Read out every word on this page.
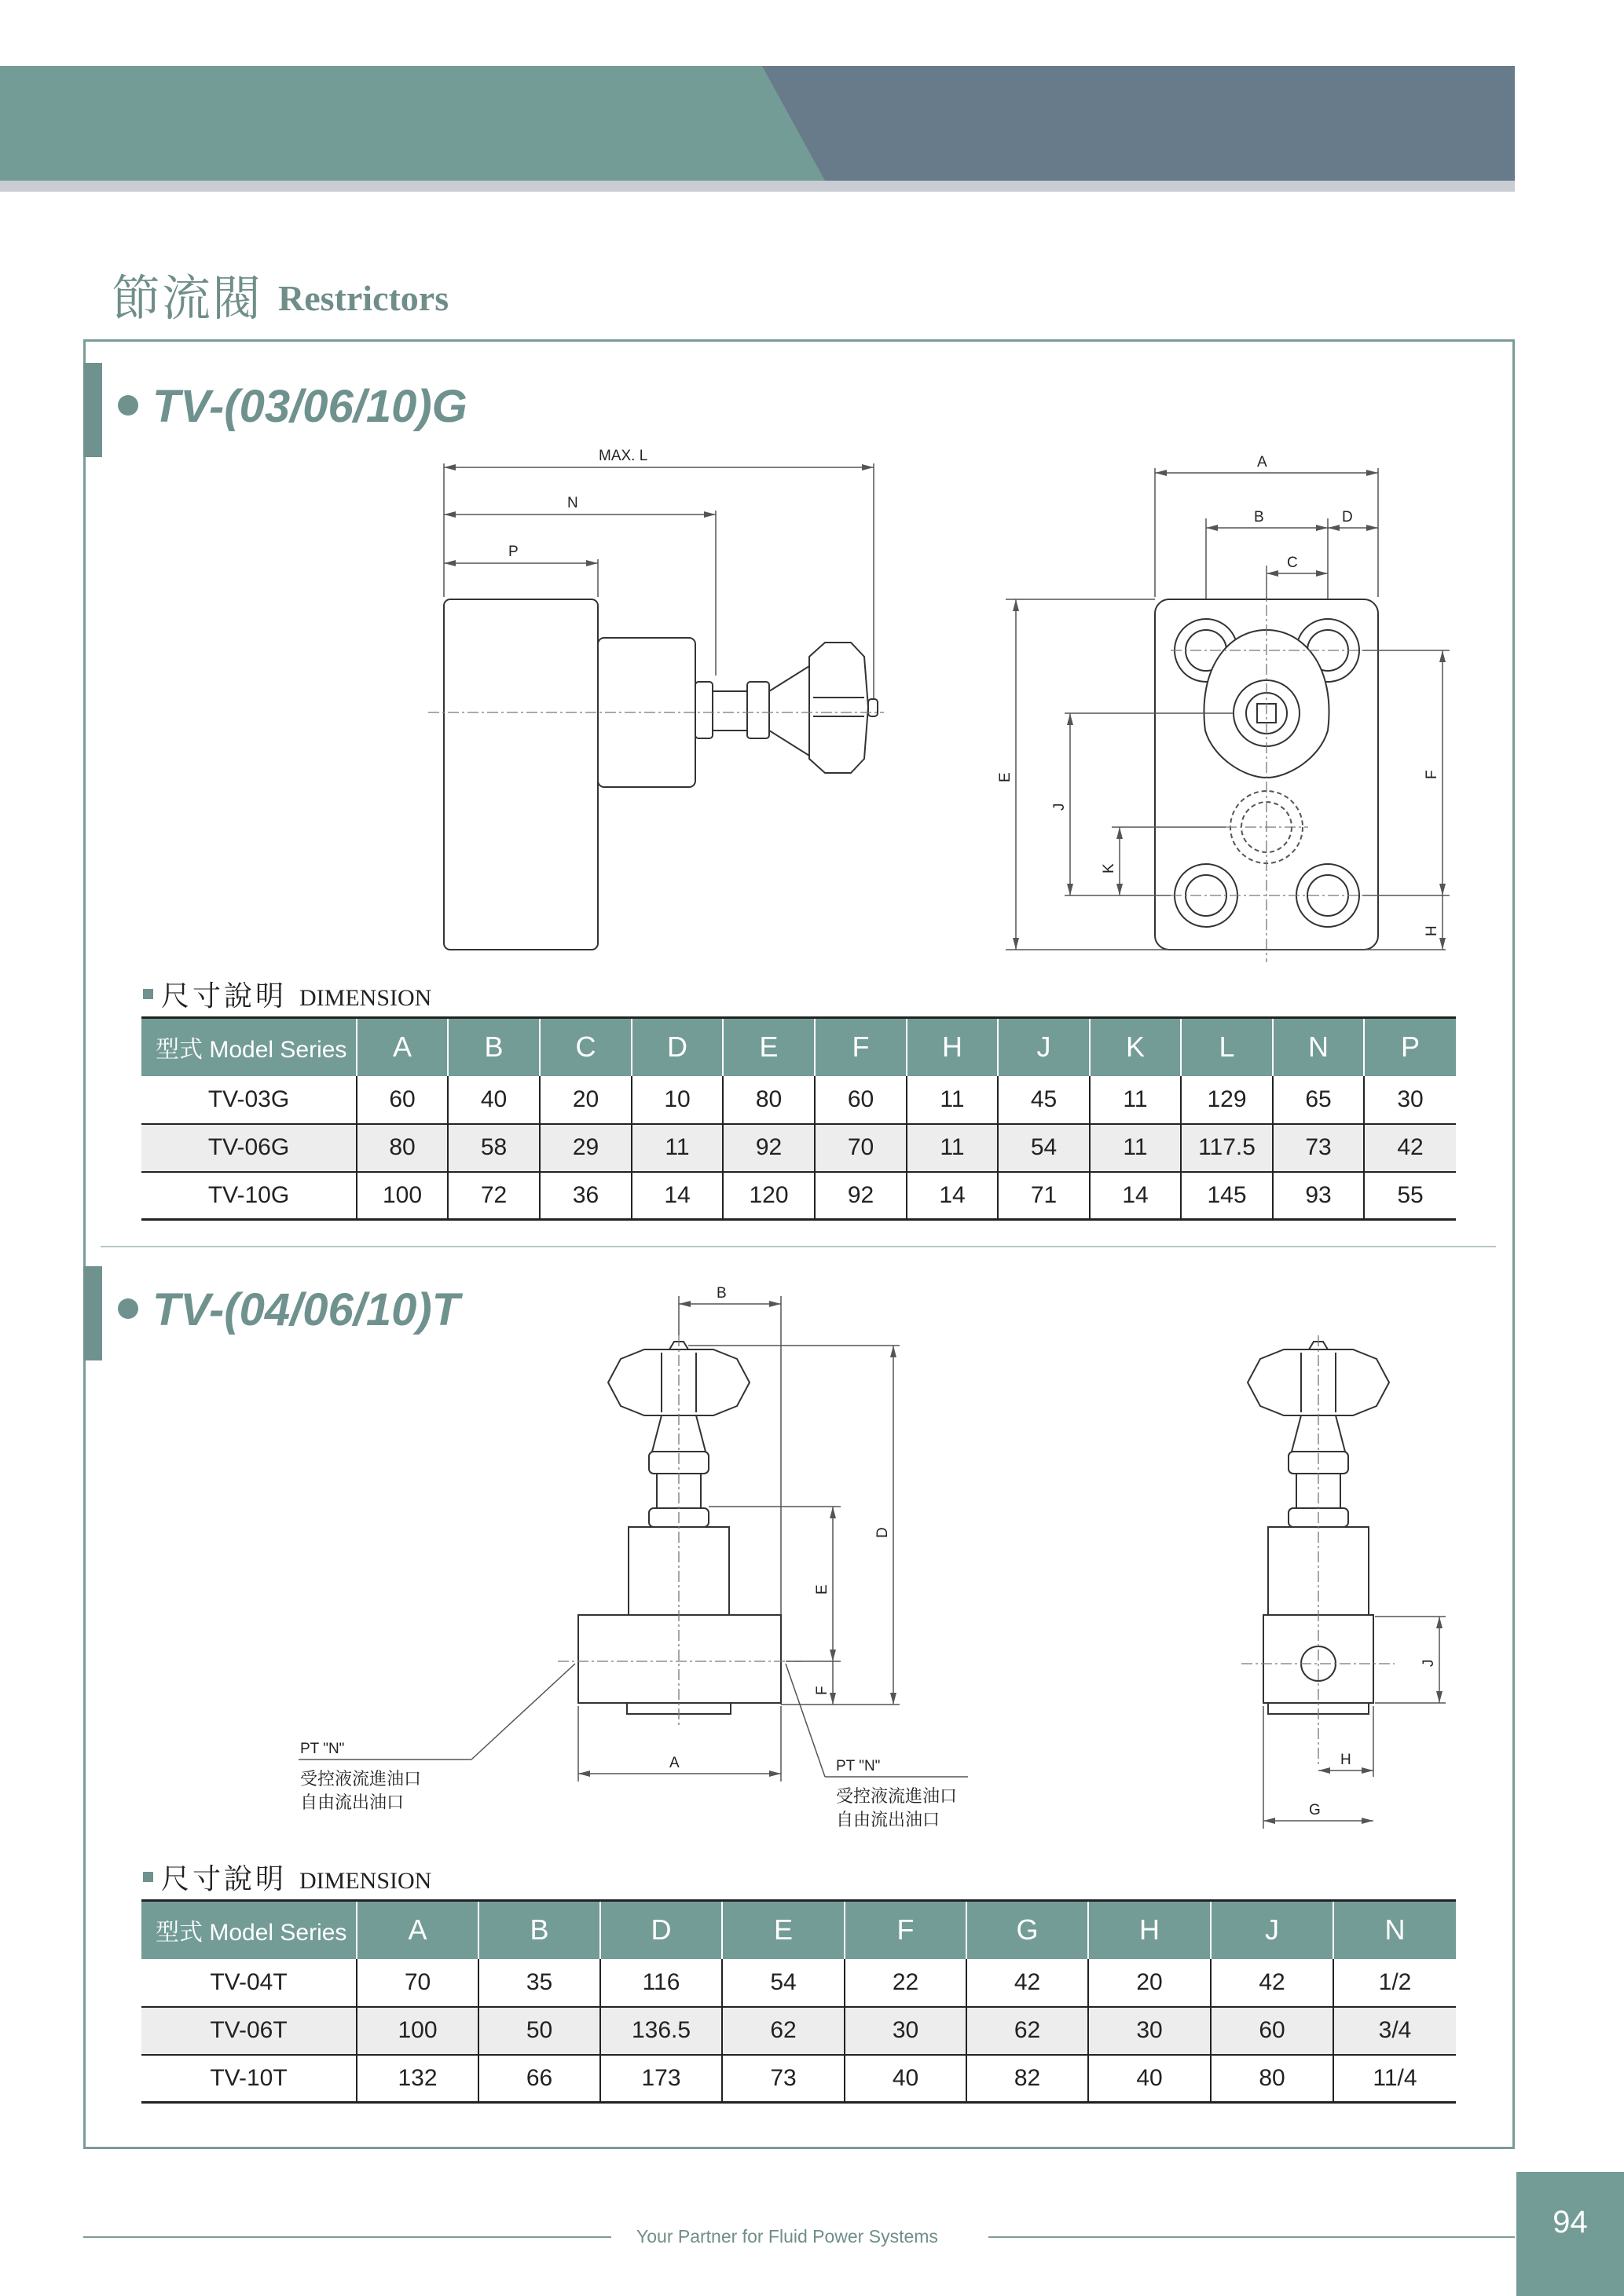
節流閥 Restrictors
TV-(03/06/10)G
MAX. L
N
P
A
B	D
C
E
J
K
F
H
尺寸說明 DIMENSION
型式 Model Series	A	B	C	D	E	F	H	J	K	L	N	P
TV-03G	60	40	20	10	80	60	11	45	11	129	65	30
TV-06G	80	58	29	11	92	70	11	54	11	117.5	73	42
TV-10G	100	72	36	14	120	92	14	71	14	145	93	55
TV-(04/06/10)T	B
D
E
F
A
PT "N"
受控液流進油口
自由流出油口
PT "N"
受控液流進油口
自由流出油口
J
H
G
尺寸說明 DIMENSION
型式 Model Series	A	B	D	E	F	G	H	J	N
TV-04T	70	35	116	54	22	42	20	42	1/2
TV-06T	100	50	136.5	62	30	62	30	60	3/4
TV-10T	132	66	173	73	40	82	40	80	11/4
Your Partner for Fluid Power Systems	94
